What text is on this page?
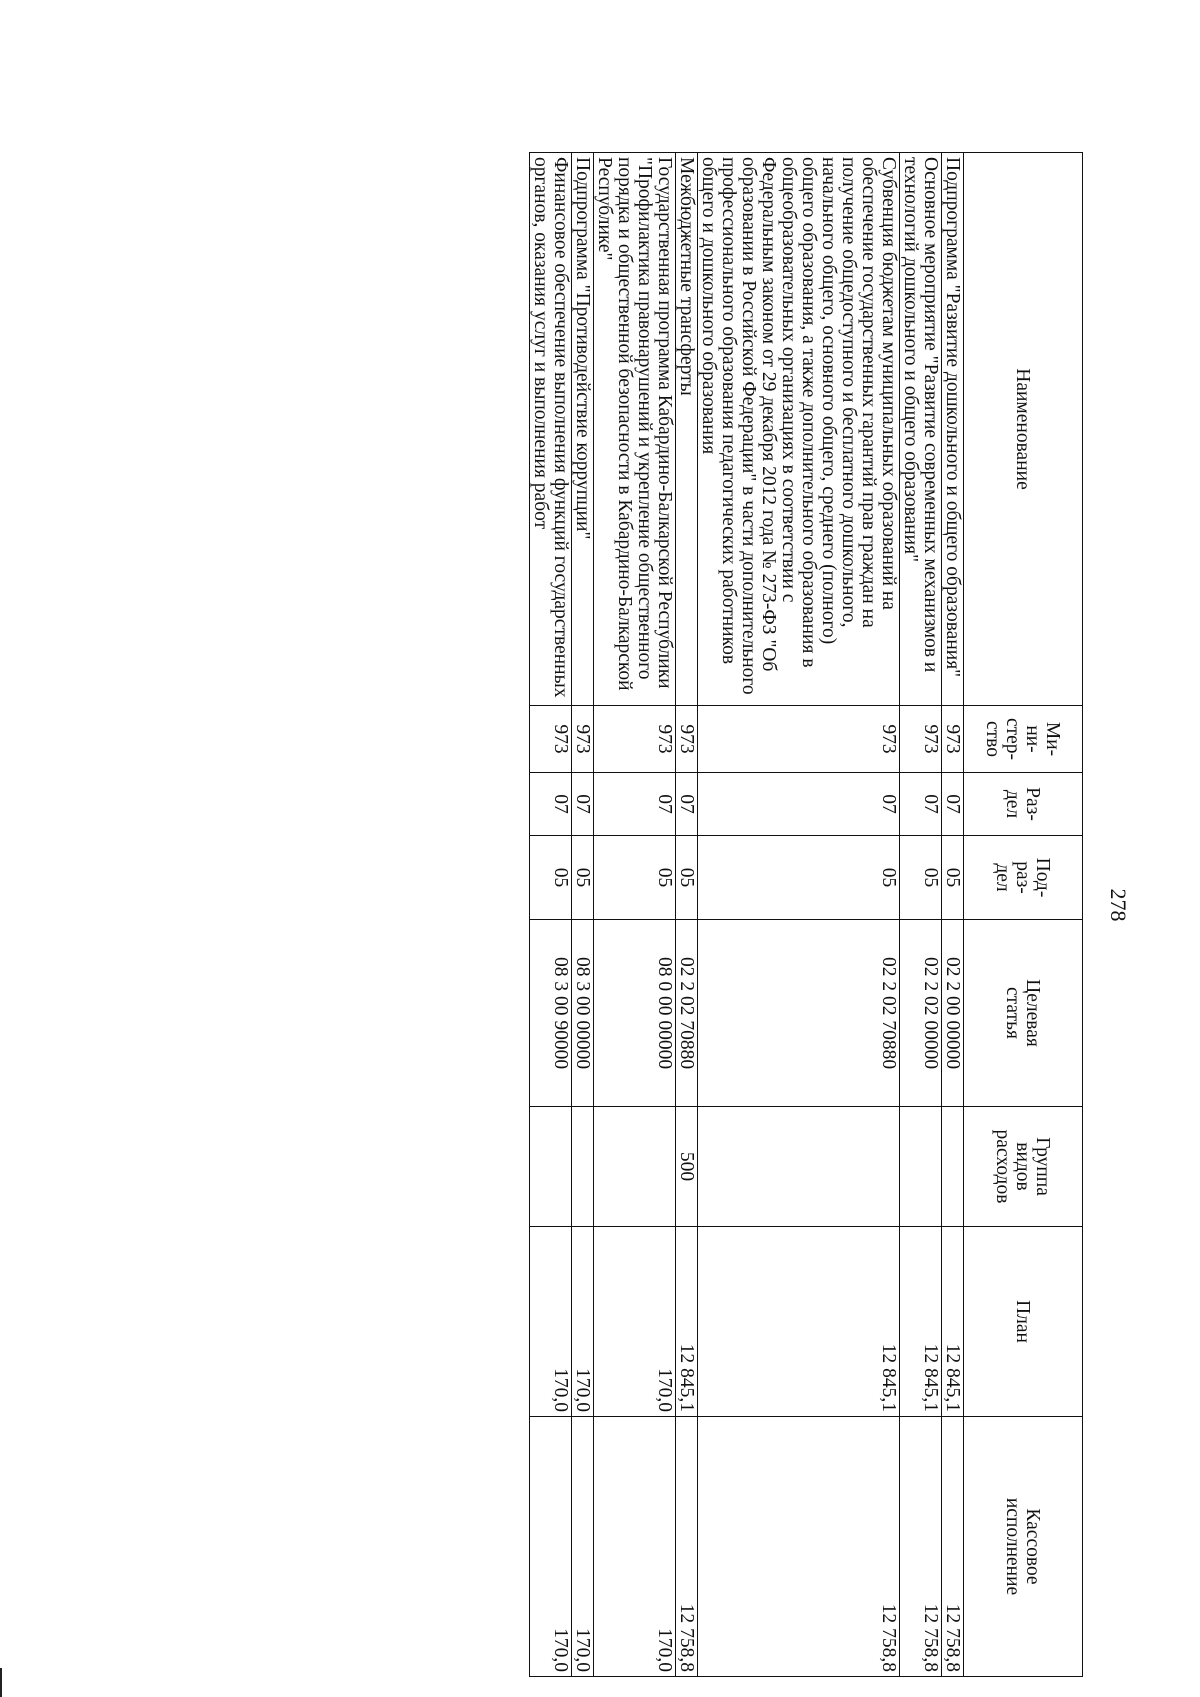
278
Наименование	Ми-
ни-
стер-
ство	Раз-
дел	Под-
раз-
дел	Целевая
статья	Группа
видов
расходов	План	Кассовое
исполнение

Подпрограмма "Развитие дошкольного и общего образования"	973	07	05	02 2 00 00000		12 845,1	12 758,8
Основное мероприятие "Развитие современных механизмов и технологий дошкольного и общего образования"	973	07	05	02 2 02 00000		12 845,1	12 758,8
Субвенция бюджетам муниципальных образований на обеспечение государственных гарантий прав граждан на получение общедоступного и бесплатного дошкольного, начального общего, основного общего, среднего (полного) общего образования, а также дополнительного образования в общеобразовательных организациях в соответствии с Федеральным законом от 29 декабря 2012 года № 273-ФЗ "Об образовании в Российской Федерации" в части дополнительного профессионального образования педагогических работников общего и дошкольного образования	973	07	05	02 2 02 70880		12 845,1	12 758,8
Межбюджетные трансферты	973	07	05	02 2 02 70880	500	12 845,1	12 758,8
Государственная программа Кабардино-Балкарской Республики "Профилактика правонарушений и укрепление общественного порядка и общественной безопасности в Кабардино-Балкарской Республике"	973	07	05	08 0 00 00000		170,0	170,0
Подпрограмма "Противодействие коррупции"	973	07	05	08 3 00 00000		170,0	170,0
Финансовое обеспечение выполнения функций государственных органов, оказания услуг и выполнения работ	973	07	05	08 3 00 90000		170,0	170,0
